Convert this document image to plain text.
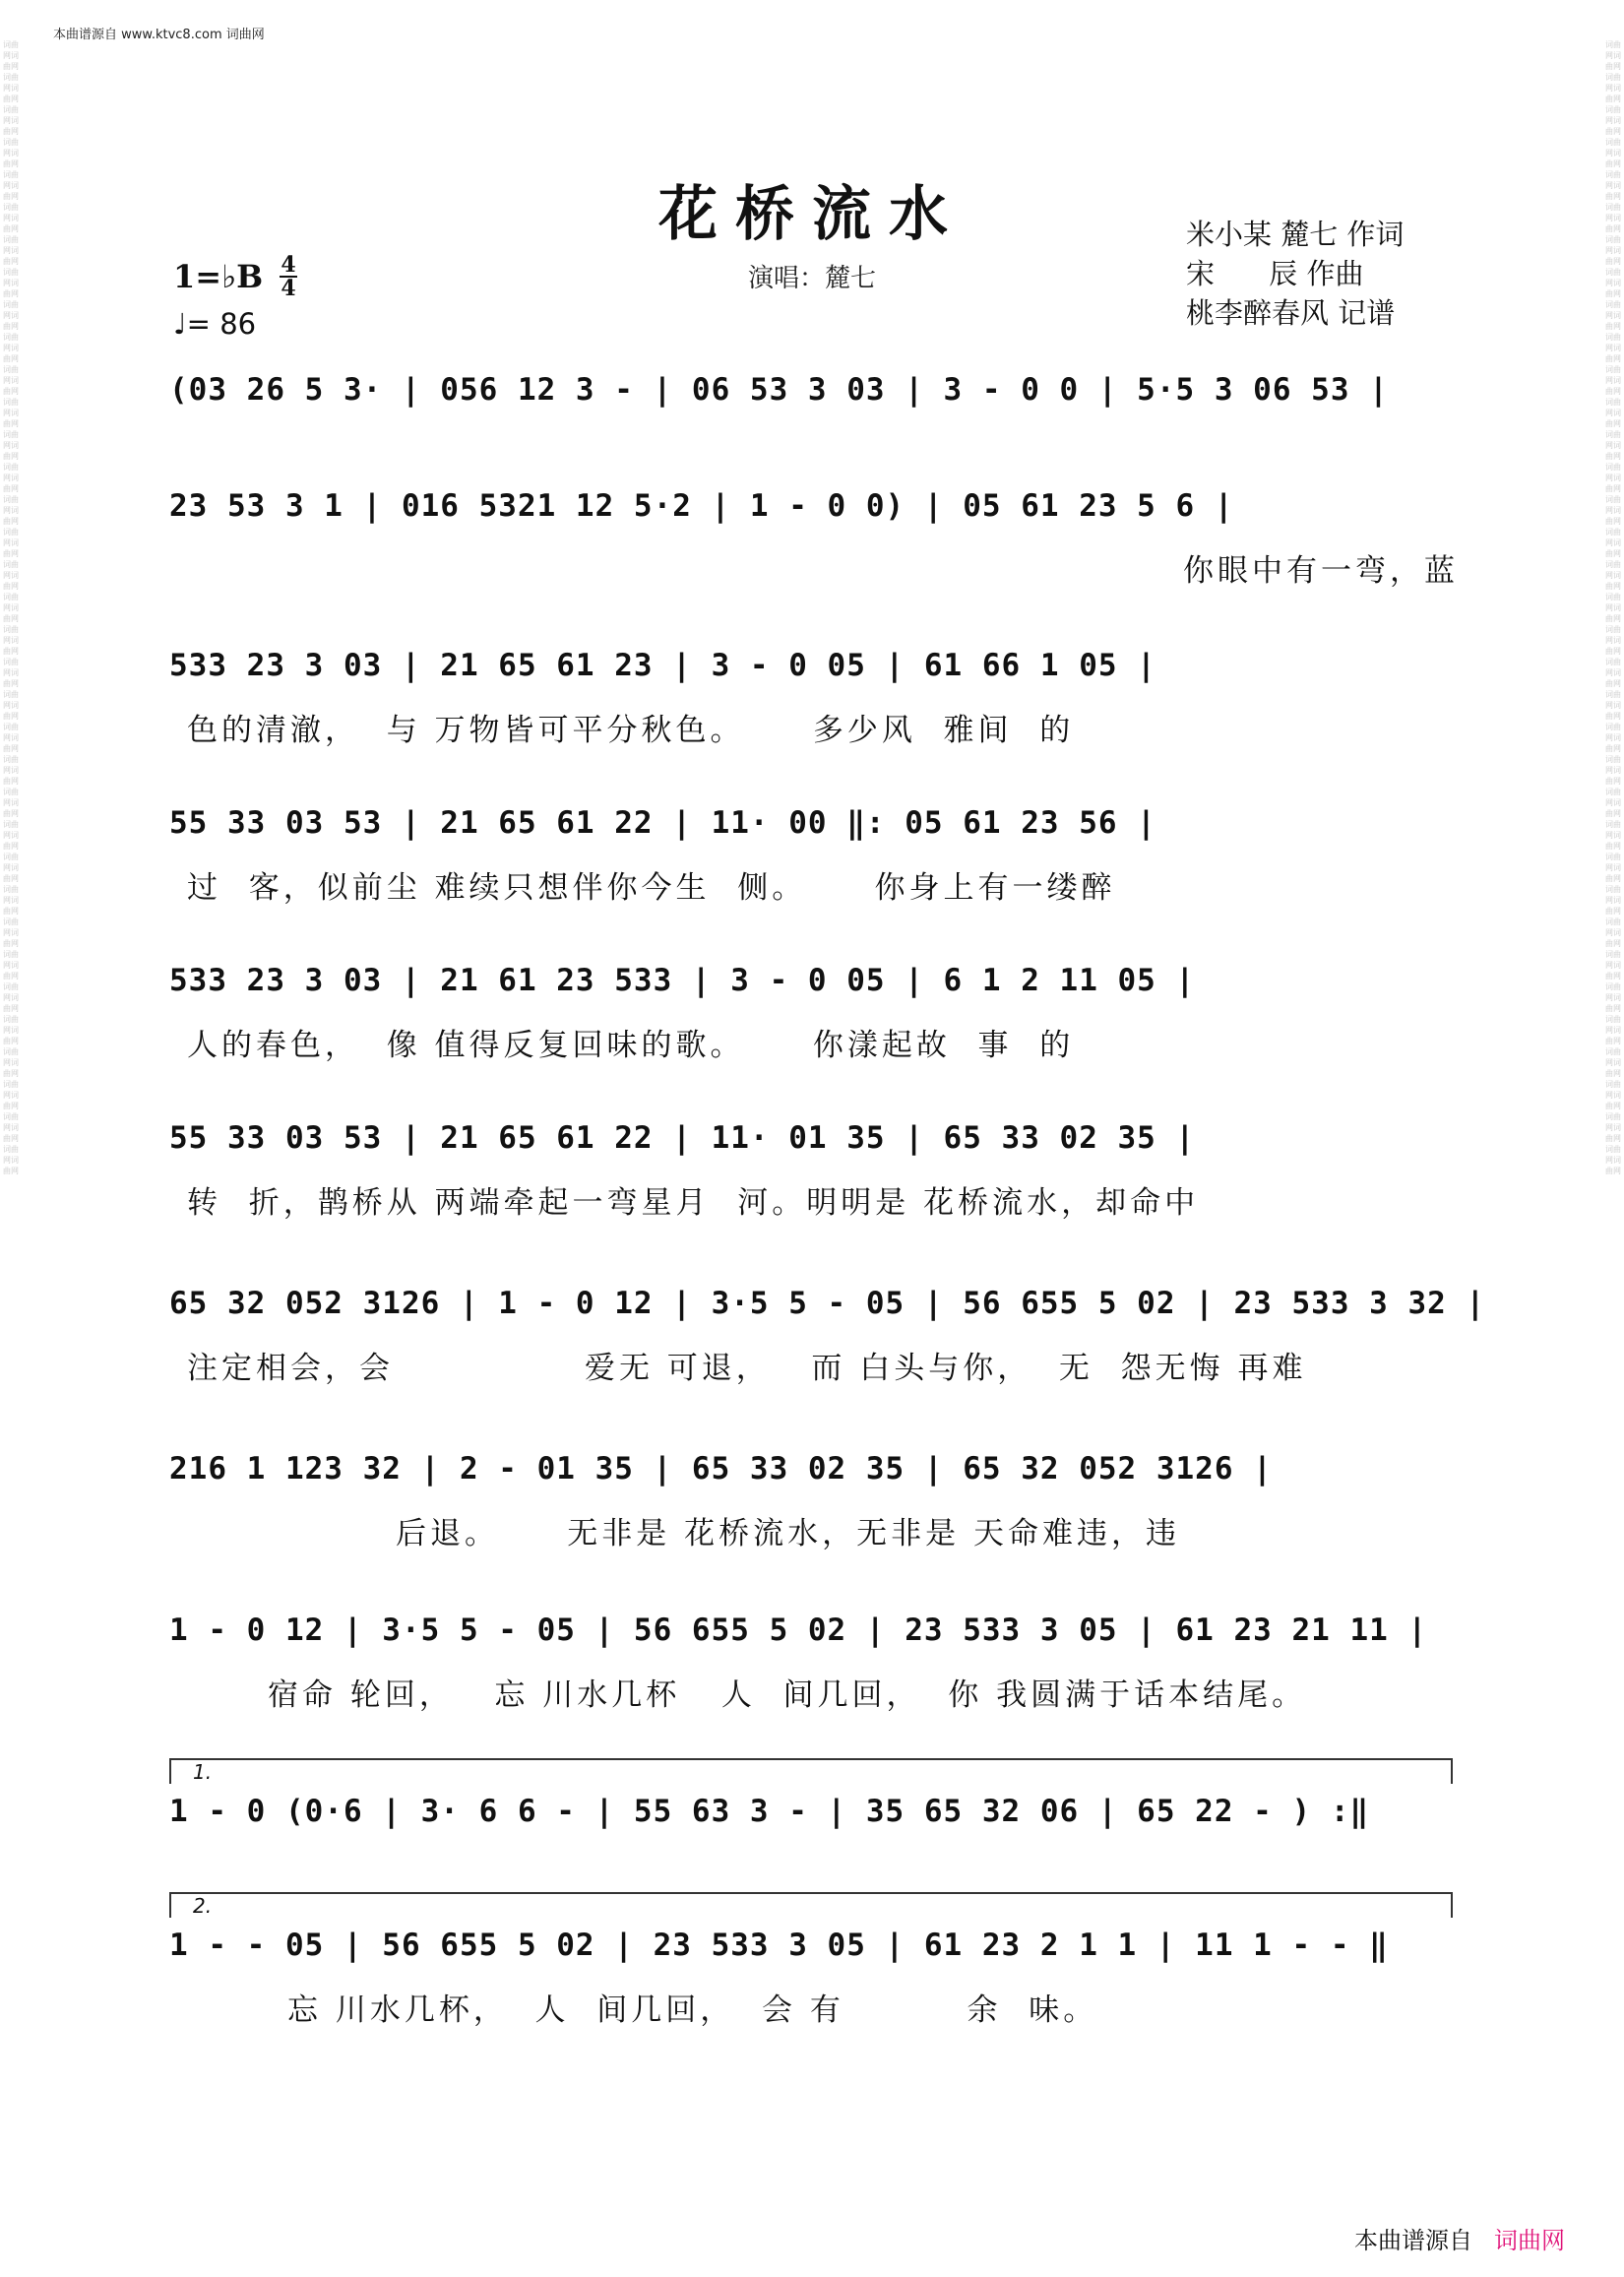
词曲网词曲网词曲网词曲网词曲网词曲网词曲网词曲网词曲网词曲网词曲网词曲网词曲网词曲网词曲网词曲网词曲网词曲网词曲网词曲网词曲网词曲网词曲网词曲网词曲网词曲网词曲网词曲网词曲网词曲网词曲网词曲网词曲网词曲网词曲网词曲网词曲网词曲网词曲网词曲网词曲网词曲网词曲网词曲网词曲网词曲网词曲网词曲网词曲网词曲网词曲网词曲网词曲网词曲网词曲网词曲网词曲网词曲网词曲网词曲网词曲网词曲网词曲网词曲网词曲网词曲网词曲网词曲网词曲网词曲网
词曲网词曲网词曲网词曲网词曲网词曲网词曲网词曲网词曲网词曲网词曲网词曲网词曲网词曲网词曲网词曲网词曲网词曲网词曲网词曲网词曲网词曲网词曲网词曲网词曲网词曲网词曲网词曲网词曲网词曲网词曲网词曲网词曲网词曲网词曲网词曲网词曲网词曲网词曲网词曲网词曲网词曲网词曲网词曲网词曲网词曲网词曲网词曲网词曲网词曲网词曲网词曲网词曲网词曲网词曲网词曲网词曲网词曲网词曲网词曲网词曲网词曲网词曲网词曲网词曲网词曲网词曲网词曲网词曲网词曲网
本曲谱源自 www.ktvc8.com 词曲网
花桥流水
演唱：麓七
米小某 麓七 作词
宋      辰 作曲
桃李醉春风 记谱
1=♭B 4
4
♩= 86
(03 26 5 3· | 056 12 3 - | 06 53 3 03 | 3 - 0 0 | 5·5 3 06 53 |
23 53 3 1 | 016 5321 12 5·2 | 1 - 0 0) | 05 61 23 5 6 |
你眼中有一弯，蓝
533 23 3 03 | 21 65 61 23 | 3 - 0 05 | 61 66 1 05 |
色的清澈，  与 万物皆可平分秋色。     多少风  雅间  的
55 33 03 53 | 21 65 61 22 | 11· 00 ‖: 05 61 23 56 |
过  客，似前尘 难续只想伴你今生  侧。     你身上有一缕醉
533 23 3 03 | 21 61 23 533 | 3 - 0 05 | 6 1 2 11 05 |
人的春色，  像 值得反复回味的歌。     你漾起故  事  的
55 33 03 53 | 21 65 61 22 | 11· 01 35 | 65 33 02 35 |
转  折，鹊桥从 两端牵起一弯星月  河。明明是 花桥流水，却命中
65 32 052 3126 | 1 - 0 12 | 3·5 5 - 05 | 56 655 5 02 | 23 533 3 32 |
注定相会，会              爱无 可退，   而 白头与你，  无  怨无悔 再难
216 1 123 32 | 2 - 01 35 | 65 33 02 35 | 65 32 052 3126 |
后退。     无非是 花桥流水，无非是 天命难违，违
1 - 0 12 | 3·5 5 - 05 | 56 655 5 02 | 23 533 3 05 | 61 23 21 11 |
宿命 轮回，   忘 川水几杯   人  间几回，  你 我圆满于话本结尾。
1.
1 - 0 (0·6 | 3· 6 6 - | 55 63 3 - | 35 65 32 06 | 65 22 - ) :‖
2.
1 - - 05 | 56 655 5 02 | 23 533 3 05 | 61 23 2 1 1 | 11 1 - - ‖
忘 川水几杯，  人  间几回，  会 有         余  味。
本曲谱源自 词曲网
